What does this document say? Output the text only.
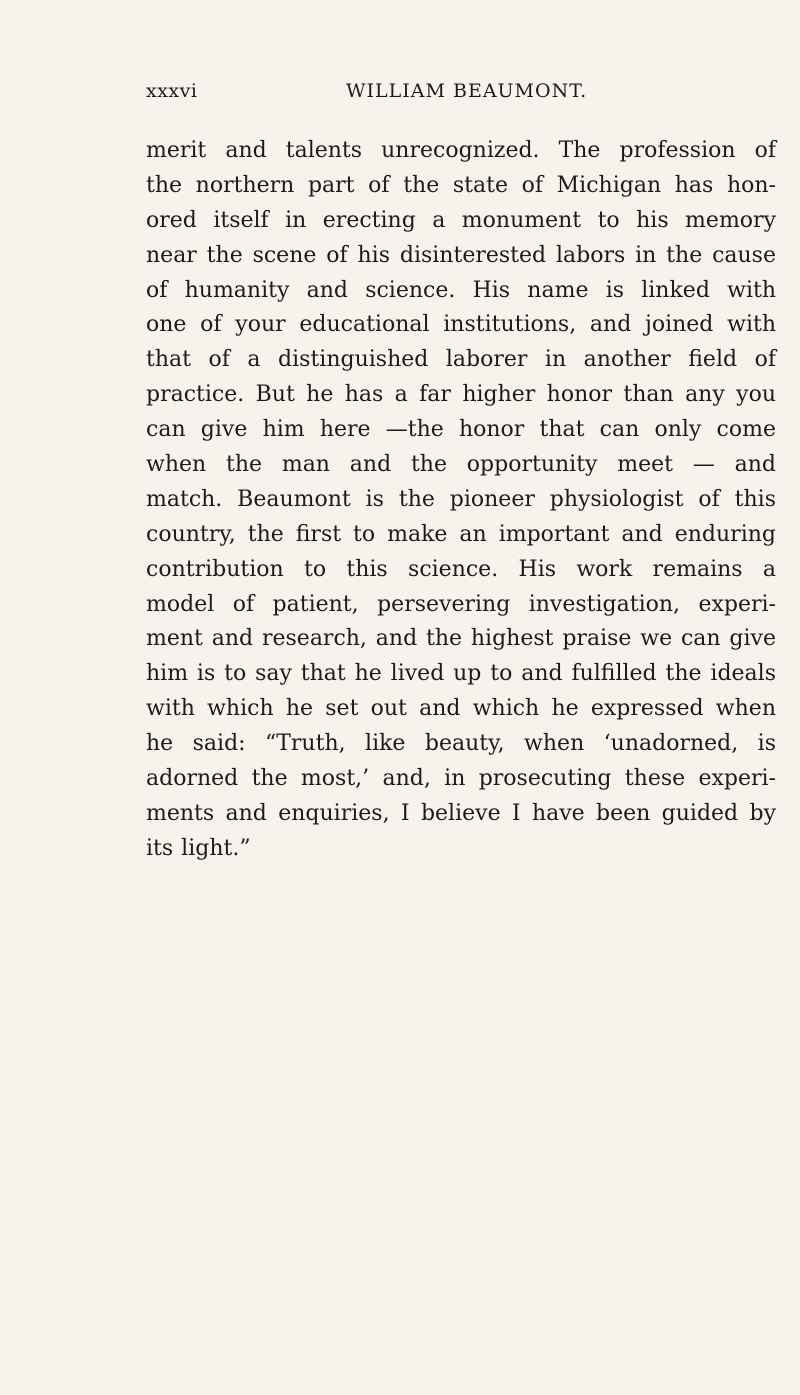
xxxvi	WILLIAM BEAUMONT.
merit and talents unrecognized. The profession of
the northern part of the state of Michigan has hon-
ored itself in erecting a monument to his memory
near the scene of his disinterested labors in the cause
of humanity and science. His name is linked with
one of your educational institutions, and joined with
that of a distinguished laborer in another field of
practice. But he has a far higher honor than any you
can give him here —the honor that can only come
when the man and the opportunity meet — and
match. Beaumont is the pioneer physiologist of this
country, the first to make an important and enduring
contribution to this science. His work remains a
model of patient, persevering investigation, experi-
ment and research, and the highest praise we can give
him is to say that he lived up to and fulfilled the ideals
with which he set out and which he expressed when
he said: “Truth, like beauty, when ‘unadorned, is
adorned the most,’ and, in prosecuting these experi-
ments and enquiries, I believe I have been guided by
its light.”
